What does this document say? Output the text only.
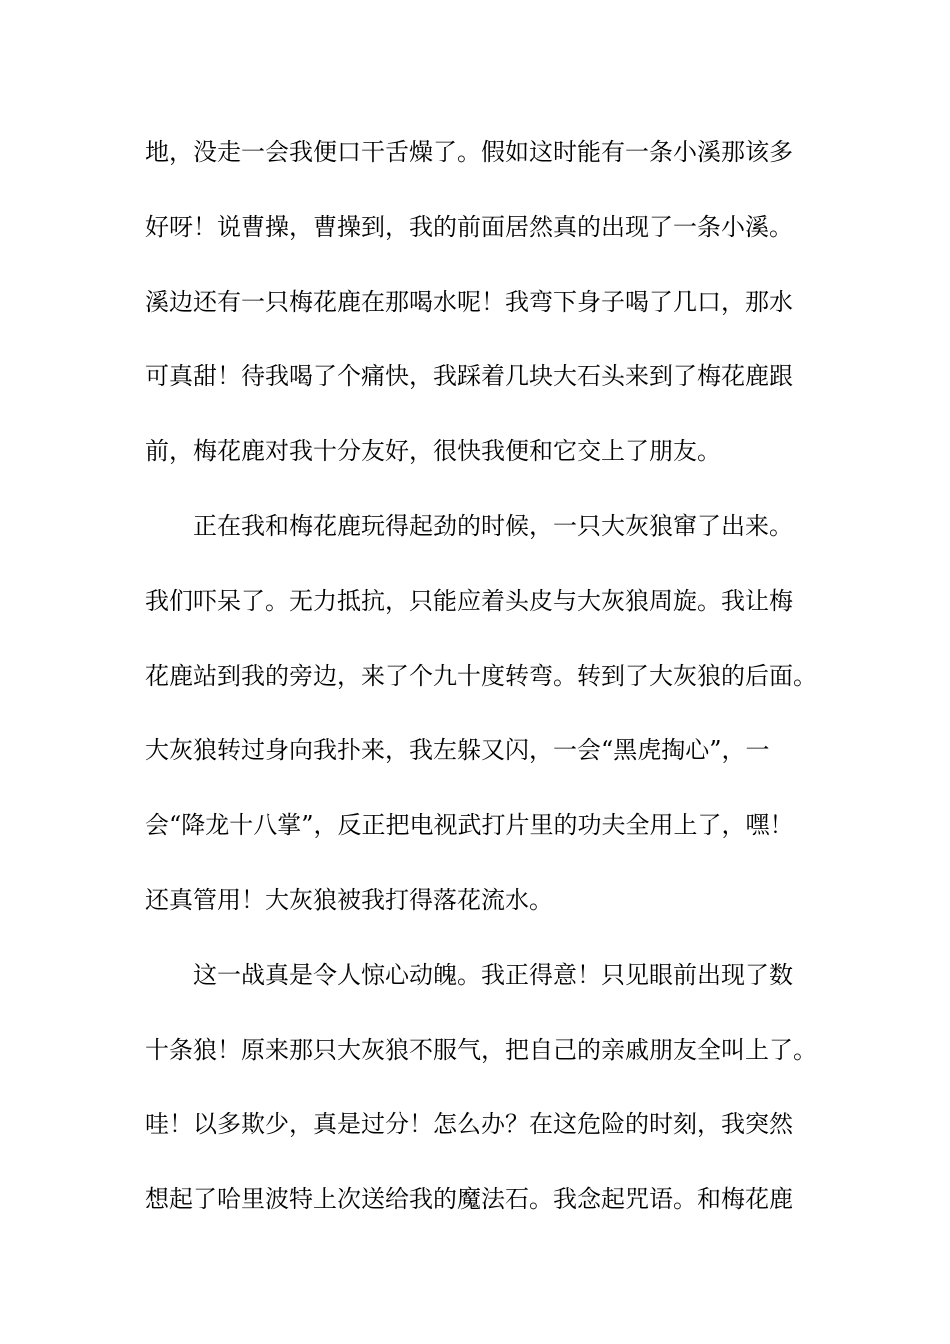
地，没走一会我便口干舌燥了。假如这时能有一条小溪那该多
好呀！说曹操，曹操到，我的前面居然真的出现了一条小溪。
溪边还有一只梅花鹿在那喝水呢！我弯下身子喝了几口，那水
可真甜！待我喝了个痛快，我踩着几块大石头来到了梅花鹿跟
前，梅花鹿对我十分友好，很快我便和它交上了朋友。
正在我和梅花鹿玩得起劲的时候，一只大灰狼窜了出来。
我们吓呆了。无力抵抗，只能应着头皮与大灰狼周旋。我让梅
花鹿站到我的旁边，来了个九十度转弯。转到了大灰狼的后面。
大灰狼转过身向我扑来，我左躲又闪，一会“黑虎掏心”，一
会“降龙十八掌”，反正把电视武打片里的功夫全用上了，嘿！
还真管用！大灰狼被我打得落花流水。
这一战真是令人惊心动魄。我正得意！只见眼前出现了数
十条狼！原来那只大灰狼不服气，把自己的亲戚朋友全叫上了。
哇！以多欺少，真是过分！怎么办？在这危险的时刻，我突然
想起了哈里波特上次送给我的魔法石。我念起咒语。和梅花鹿
